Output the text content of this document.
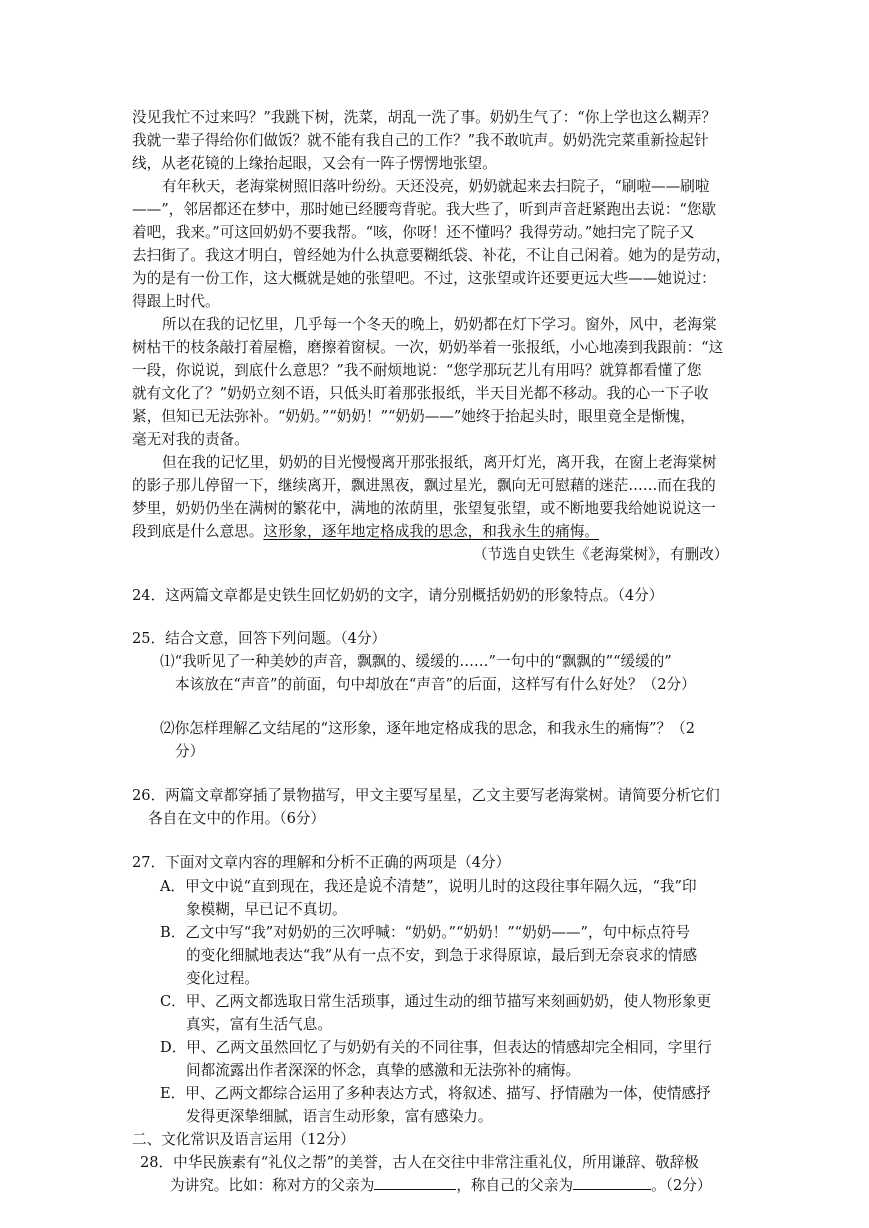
没见我忙不过来吗？”我跳下树，洗菜，胡乱一洗了事。奶奶生气了：“你上学也这么糊弄？
我就一辈子得给你们做饭？就不能有我自己的工作？”我不敢吭声。奶奶洗完菜重新捡起针
线，从老花镜的上缘抬起眼，又会有一阵子愣愣地张望。
有年秋天，老海棠树照旧落叶纷纷。天还没亮，奶奶就起来去扫院子，“刷啦——刷啦
——”，邻居都还在梦中，那时她已经腰弯背驼。我大些了，听到声音赶紧跑出去说：“您歇
着吧，我来。”可这回奶奶不要我帮。“咳，你呀！还不懂吗？我得劳动。”她扫完了院子又
去扫街了。我这才明白，曾经她为什么执意要糊纸袋、补花，不让自己闲着。她为的是劳动，
为的是有一份工作，这大概就是她的张望吧。不过，这张望或许还要更远大些——她说过：
得跟上时代。
所以在我的记忆里，几乎每一个冬天的晚上，奶奶都在灯下学习。窗外，风中，老海棠
树枯干的枝条敲打着屋檐，磨擦着窗棂。一次，奶奶举着一张报纸，小心地凑到我跟前：“这
一段，你说说，到底什么意思？”我不耐烦地说：“您学那玩艺儿有用吗？就算都看懂了您
就有文化了？”奶奶立刻不语，只低头盯着那张报纸，半天目光都不移动。我的心一下子收
紧，但知已无法弥补。“奶奶。”“奶奶！”“奶奶——”她终于抬起头时，眼里竟全是惭愧，
毫无对我的责备。
但在我的记忆里，奶奶的目光慢慢离开那张报纸，离开灯光，离开我，在窗上老海棠树
的影子那儿停留一下，继续离开，飘进黑夜，飘过星光，飘向无可慰藉的迷茫……而在我的
梦里，奶奶仍坐在满树的繁花中，满地的浓荫里，张望复张望，或不断地要我给她说说这一
段到底是什么意思。这形象，逐年地定格成我的思念，和我永生的痛悔。
（节选自史铁生《老海棠树》，有删改）
24．这两篇文章都是史铁生回忆奶奶的文字，请分别概括奶奶的形象特点。（4分）
25．结合文意，回答下列问题。（4分）
⑴“我听见了一种美妙的声音，飘飘的、缓缓的……”一句中的“飘飘的”“缓缓的”
本该放在“声音”的前面，句中却放在“声音”的后面，这样写有什么好处？（2分）
⑵你怎样理解乙文结尾的“这形象，逐年地定格成我的思念，和我永生的痛悔”？（2
分）
26．两篇文章都穿插了景物描写，甲文主要写星星，乙文主要写老海棠树。请简要分析它们
各自在文中的作用。（6分）
27．下面对文章内容的理解和分析不正确的两项是（4分）
A．甲文中说“直到现在，我还是说不清楚”，说明儿时的这段往事年隔久远，“我”印
象模糊，早已记不真切。
B．乙文中写“我”对奶奶的三次呼喊：“奶奶。”“奶奶！”“奶奶——”，句中标点符号
的变化细腻地表达“我”从有一点不安，到急于求得原谅，最后到无奈哀求的情感
变化过程。
C．甲、乙两文都选取日常生活琐事，通过生动的细节描写来刻画奶奶，使人物形象更
真实，富有生活气息。
D．甲、乙两文虽然回忆了与奶奶有关的不同往事，但表达的情感却完全相同，字里行
间都流露出作者深深的怀念，真挚的感激和无法弥补的痛悔。
E．甲、乙两文都综合运用了多种表达方式，将叙述、描写、抒情融为一体，使情感抒
发得更深挚细腻，语言生动形象，富有感染力。
二、文化常识及语言运用（12分）
28．中华民族素有“礼仪之帮”的美誉，古人在交往中非常注重礼仪，所用谦辞、敬辞极
为讲究。比如：称对方的父亲为	，称自己的父亲为	。（2分）
